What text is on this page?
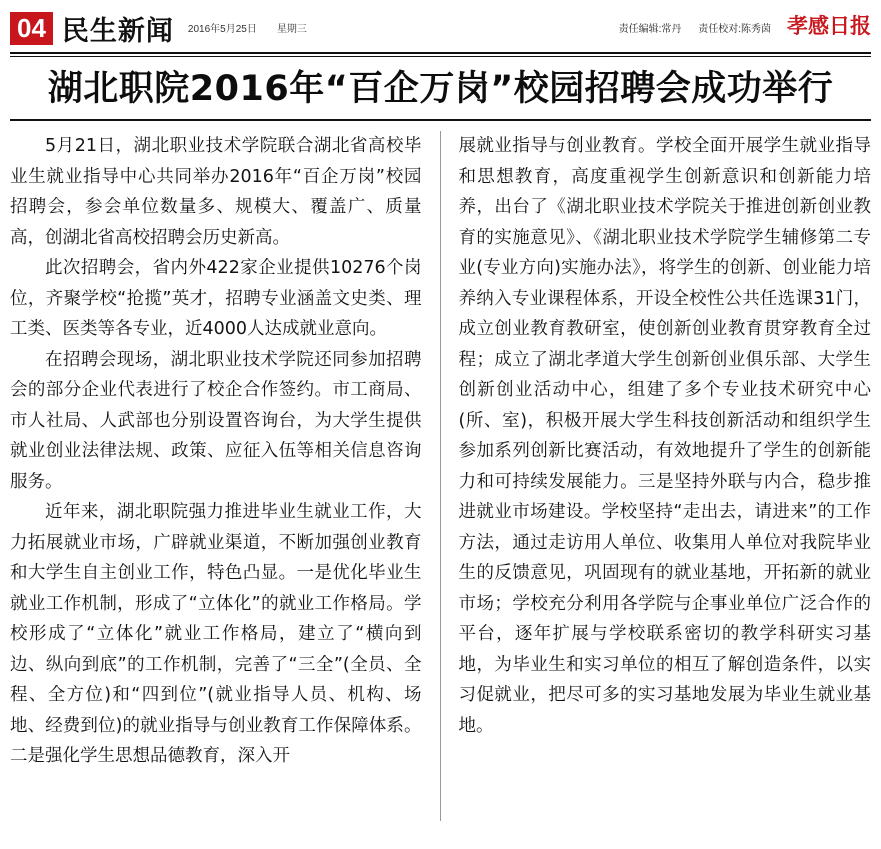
04 民生新闻 2016年5月25日 星期三	责任编辑:常丹 责任校对:陈秀茵 孝感日报
湖北职院2016年“百企万岗”校园招聘会成功举行

5月21日，湖北职业技术学院联合湖北省高校毕业生就业指导中心共同举办2016年“百企万岗”校园招聘会，参会单位数量多、规模大、覆盖广、质量高，创湖北省高校招聘会历史新高。

此次招聘会，省内外422家企业提供10276个岗位，齐聚学校“抢揽”英才，招聘专业涵盖文史类、理工类、医类等各专业，近4000人达成就业意向。

在招聘会现场，湖北职业技术学院还同参加招聘会的部分企业代表进行了校企合作签约。市工商局、市人社局、人武部也分别设置咨询台，为大学生提供就业创业法律法规、政策、应征入伍等相关信息咨询服务。

近年来，湖北职院强力推进毕业生就业工作，大力拓展就业市场，广辟就业渠道，不断加强创业教育和大学生自主创业工作，特色凸显。一是优化毕业生就业工作机制，形成了“立体化”的就业工作格局。学校形成了“立体化”就业工作格局，建立了“横向到边、纵向到底”的工作机制，完善了“三全”(全员、全程、全方位)和“四到位”(就业指导人员、机构、场地、经费到位)的就业指导与创业教育工作保障体系。二是强化学生思想品德教育，深入开

展就业指导与创业教育。学校全面开展学生就业指导和思想教育，高度重视学生创新意识和创新能力培养，出台了《湖北职业技术学院关于推进创新创业教育的实施意见》、《湖北职业技术学院学生辅修第二专业(专业方向)实施办法》，将学生的创新、创业能力培养纳入专业课程体系，开设全校性公共任选课31门，成立创业教育教研室，使创新创业教育贯穿教育全过程；成立了湖北孝道大学生创新创业俱乐部、大学生创新创业活动中心，组建了多个专业技术研究中心(所、室)，积极开展大学生科技创新活动和组织学生参加系列创新比赛活动，有效地提升了学生的创新能力和可持续发展能力。三是坚持外联与内合，稳步推进就业市场建设。学校坚持“走出去，请进来”的工作方法，通过走访用人单位、收集用人单位对我院毕业生的反馈意见，巩固现有的就业基地，开拓新的就业市场；学校充分利用各学院与企事业单位广泛合作的平台，逐年扩展与学校联系密切的教学科研实习基地，为毕业生和实习单位的相互了解创造条件，以实习促就业，把尽可多的实习基地发展为毕业生就业基地。
